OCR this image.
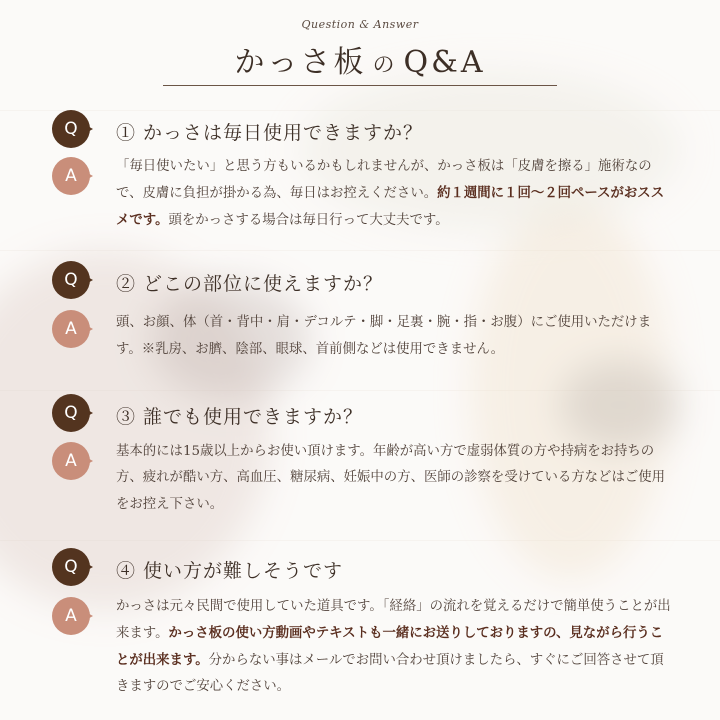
Question & Answer
かっさ板 の Q&A
Q	① かっさは毎日使用できますか？
A	「毎日使いたい」と思う方もいるかもしれませんが、かっさ板は「皮膚を擦る」施術なので、皮膚に負担が掛かる為、毎日はお控えください。約１週間に１回〜２回ペースがおススメです。頭をかっさする場合は毎日行って大丈夫です。
Q	② どこの部位に使えますか？
A	頭、お顔、体（首・背中・肩・デコルテ・脚・足裏・腕・指・お腹）にご使用いただけます。※乳房、お臍、陰部、眼球、首前側などは使用できません。
Q	③ 誰でも使用できますか？
A	基本的には15歳以上からお使い頂けます。年齢が高い方で虚弱体質の方や持病をお持ちの方、疲れが酷い方、高血圧、糖尿病、妊娠中の方、医師の診察を受けている方などはご使用をお控え下さい。
Q	④ 使い方が難しそうです
A	かっさは元々民間で使用していた道具です。「経絡」の流れを覚えるだけで簡単使うことが出来ます。かっさ板の使い方動画やテキストも一緒にお送りしておりますの、見ながら行うことが出来ます。分からない事はメールでお問い合わせ頂けましたら、すぐにご回答させて頂きますのでご安心ください。
